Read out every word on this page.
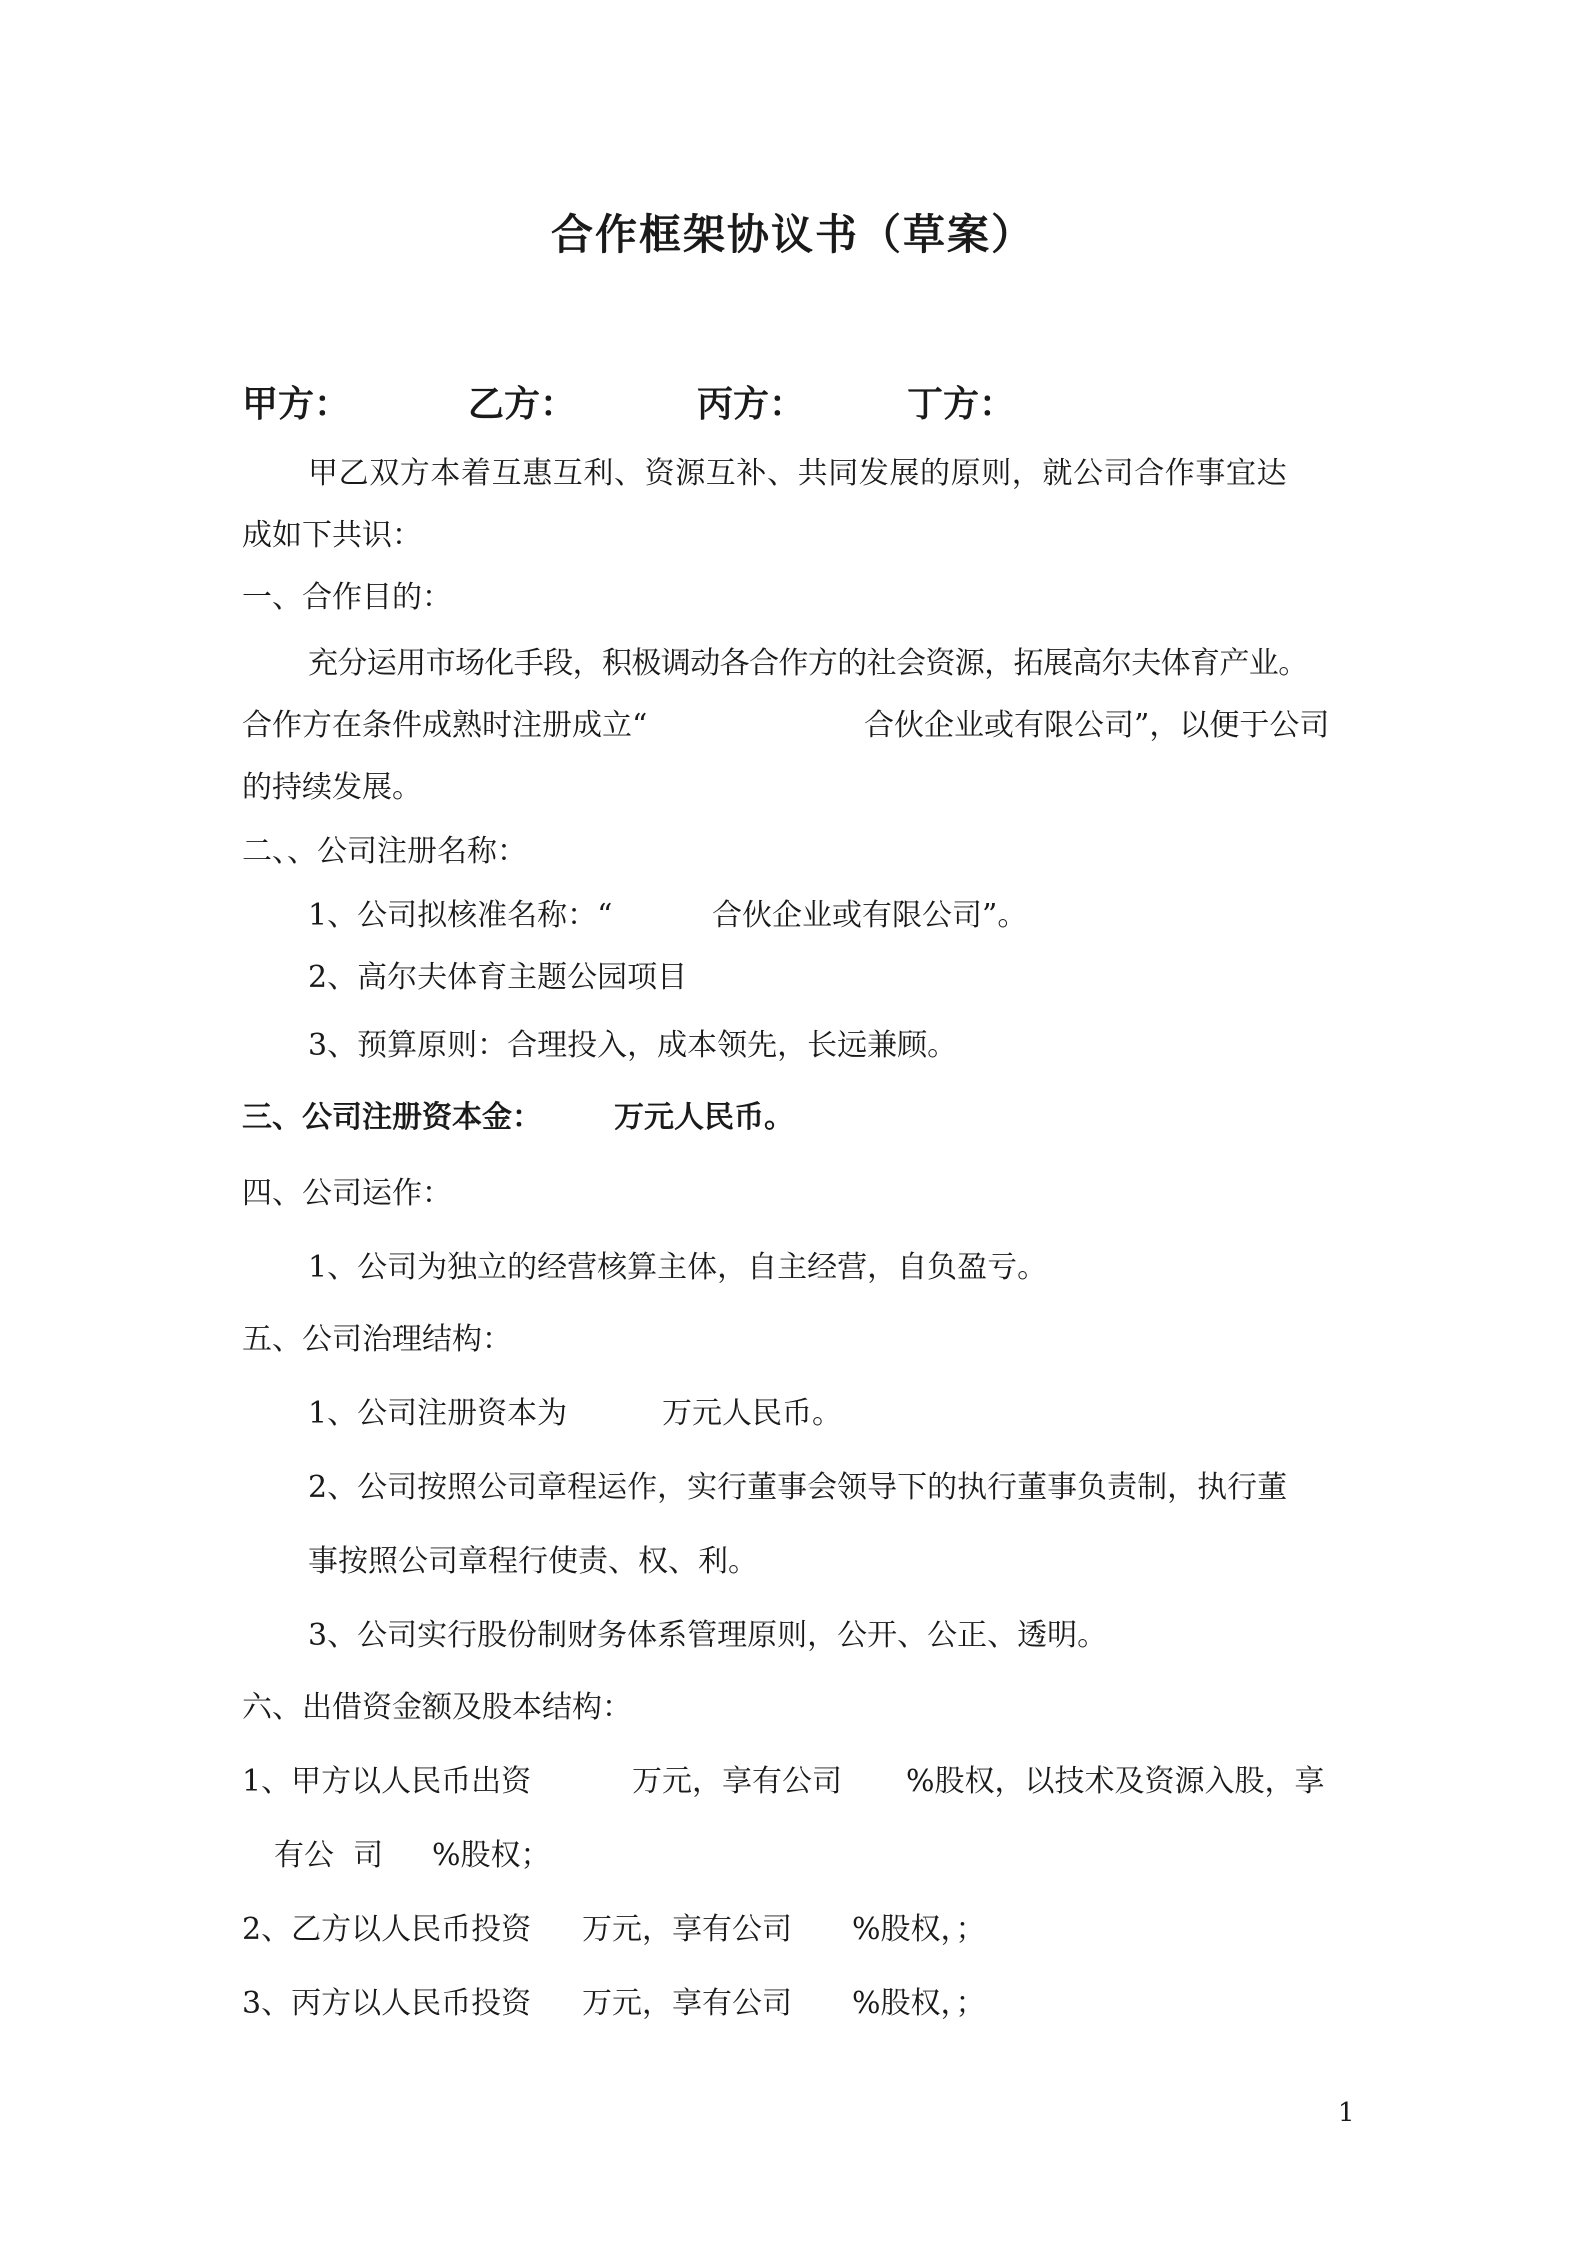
合作框架协议书（草案）
甲方：	乙方：	丙方：	丁方：
甲乙双方本着互惠互利、资源互补、共同发展的原则，就公司合作事宜达
成如下共识：
一、合作目的：
充分运用市场化手段，积极调动各合作方的社会资源，拓展高尔夫体育产业。
合作方在条件成熟时注册成立“	合伙企业或有限公司”，以便于公司
的持续发展。
二、、公司注册名称：
1、公司拟核准名称：“	合伙企业或有限公司”。
2、高尔夫体育主题公园项目
3、预算原则：合理投入，成本领先，长远兼顾。
三、公司注册资本金： 万元人民币。
四、公司运作：
1、公司为独立的经营核算主体，自主经营，自负盈亏。
五、公司治理结构：
1、公司注册资本为	万元人民币。
2、公司按照公司章程运作，实行董事会领导下的执行董事负责制，执行董
事按照公司章程行使责、权、利。
3、公司实行股份制财务体系管理原则，公开、公正、透明。
六、出借资金额及股本结构：
1、甲方以人民币出资	万元，享有公司 %股权，以技术及资源入股，享
有公  司 %股权；
2、乙方以人民币投资 万元，享有公司 %股权，；
3、丙方以人民币投资 万元，享有公司 %股权，；
1
